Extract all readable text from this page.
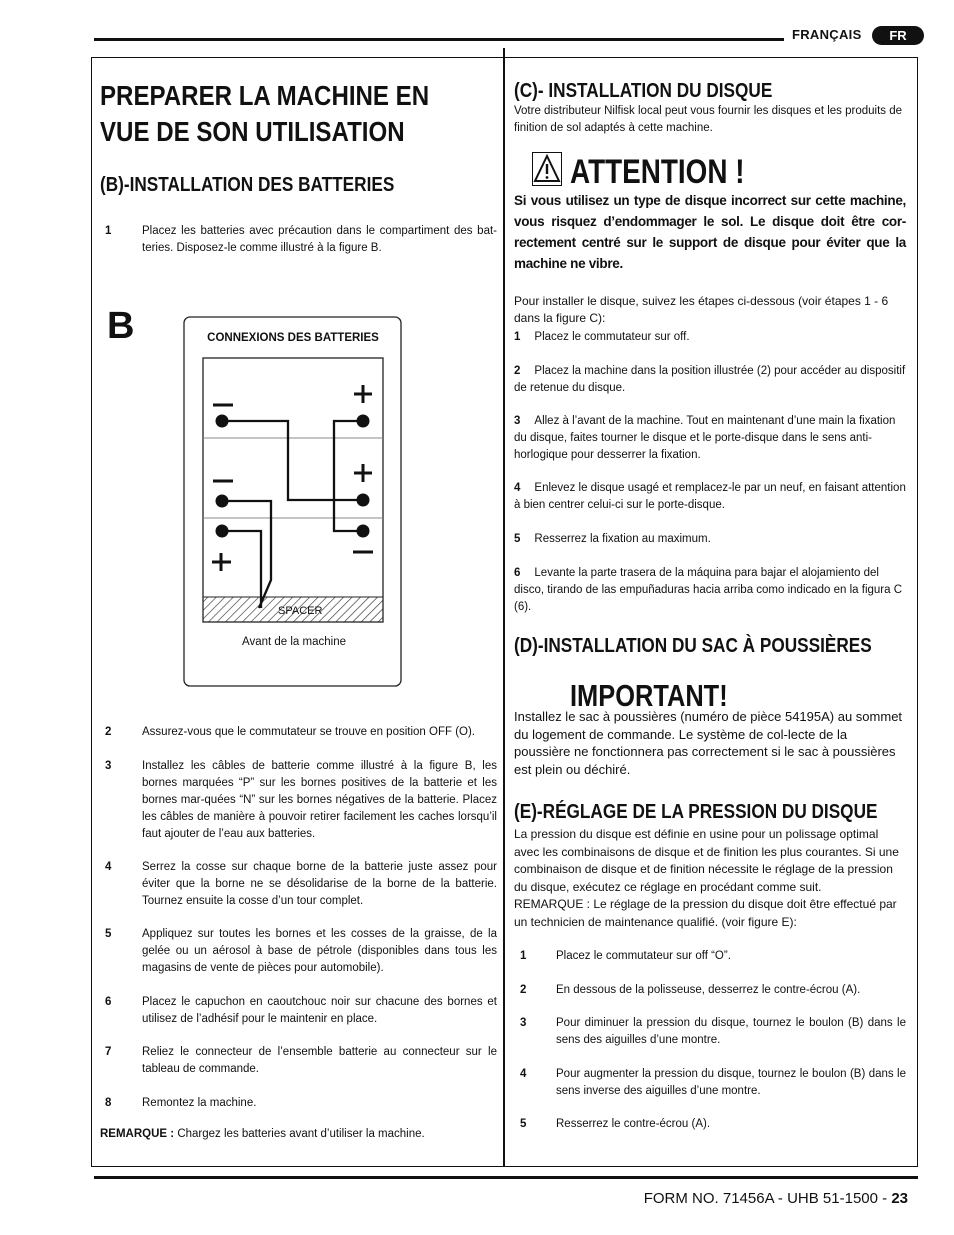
FRANÇAIS	FR
PREPARER LA MACHINE EN VUE DE SON UTILISATION
(B)-INSTALLATION DES BATTERIES
1	Placez les batteries avec précaution dans le compartiment des bat-teries. Disposez-le comme illustré à la figure B.
B	CONNEXIONS DES BATTERIES
SPACER
Avant de la machine
2	Assurez-vous que le commutateur se trouve en position OFF (O).
3	Installez les câbles de batterie comme illustré à la figure B, les bornes marquées “P” sur les bornes positives de la batterie et les bornes mar-quées “N” sur les bornes négatives de la batterie. Placez les câbles de manière à pouvoir retirer facilement les caches lorsqu’il faut ajouter de l’eau aux batteries.
4	Serrez la cosse sur chaque borne de la batterie juste assez pour éviter que la borne ne se désolidarise de la borne de la batterie. Tournez ensuite la cosse d’un tour complet.
5	Appliquez sur toutes les bornes et les cosses de la graisse, de la gelée ou un aérosol à base de pétrole (disponibles dans tous les magasins de vente de pièces pour automobile).
6	Placez le capuchon en caoutchouc noir sur chacune des bornes et utilisez de l’adhésif pour le maintenir en place.
7	Reliez le connecteur de l’ensemble batterie au connecteur sur le tableau de commande.
8	Remontez la machine.
REMARQUE : Chargez les batteries avant d’utiliser la machine.
(C)- INSTALLATION DU DISQUE
Votre distributeur Nilfisk local peut vous fournir les disques et les produits de finition de sol adaptés à cette machine.
ATTENTION !
Si vous utilisez un type de disque incorrect sur cette machine, vous risquez d’endommager le sol. Le disque doit être cor-rectement centré sur le support de disque pour éviter que la machine ne vibre.
Pour installer le disque, suivez les étapes ci-dessous (voir étapes 1 - 6 dans la figure C):
1 Placez le commutateur sur off.
2 Placez la machine dans la position illustrée (2) pour accéder au dispositif de retenue du disque.
3 Allez à l’avant de la machine. Tout en maintenant d’une main la fixation du disque, faites tourner le disque et le porte-disque dans le sens anti-horlogique pour desserrer la fixation.
4 Enlevez le disque usagé et remplacez-le par un neuf, en faisant attention à bien centrer celui-ci sur le porte-disque.
5 Resserrez la fixation au maximum.
6 Levante la parte trasera de la máquina para bajar el alojamiento del disco, tirando de las empuñaduras hacia arriba como indicado en la figura C (6).
(D)-INSTALLATION DU SAC À POUSSIÈRES
IMPORTANT!
Installez le sac à poussières (numéro de pièce 54195A) au sommet du logement de commande. Le système de col-lecte de la poussière ne fonctionnera pas correctement si le sac à poussières est plein ou déchiré.
(E)-RÉGLAGE DE LA PRESSION DU DISQUE
La pression du disque est définie en usine pour un polissage optimal avec les combinaisons de disque et de finition les plus courantes. Si une combinaison de disque et de finition nécessite le réglage de la pression du disque, exécutez ce réglage en procédant comme suit.
REMARQUE : Le réglage de la pression du disque doit être effectué par un technicien de maintenance qualifié. (voir figure E):
1	Placez le commutateur sur off “O”.
2	En dessous de la polisseuse, desserrez le contre-écrou (A).
3	Pour diminuer la pression du disque, tournez le boulon (B) dans le sens des aiguilles d’une montre.
4	Pour augmenter la pression du disque, tournez le boulon (B) dans le sens inverse des aiguilles d’une montre.
5	Resserrez le contre-écrou (A).
FORM NO. 71456A - UHB 51-1500 - 23
